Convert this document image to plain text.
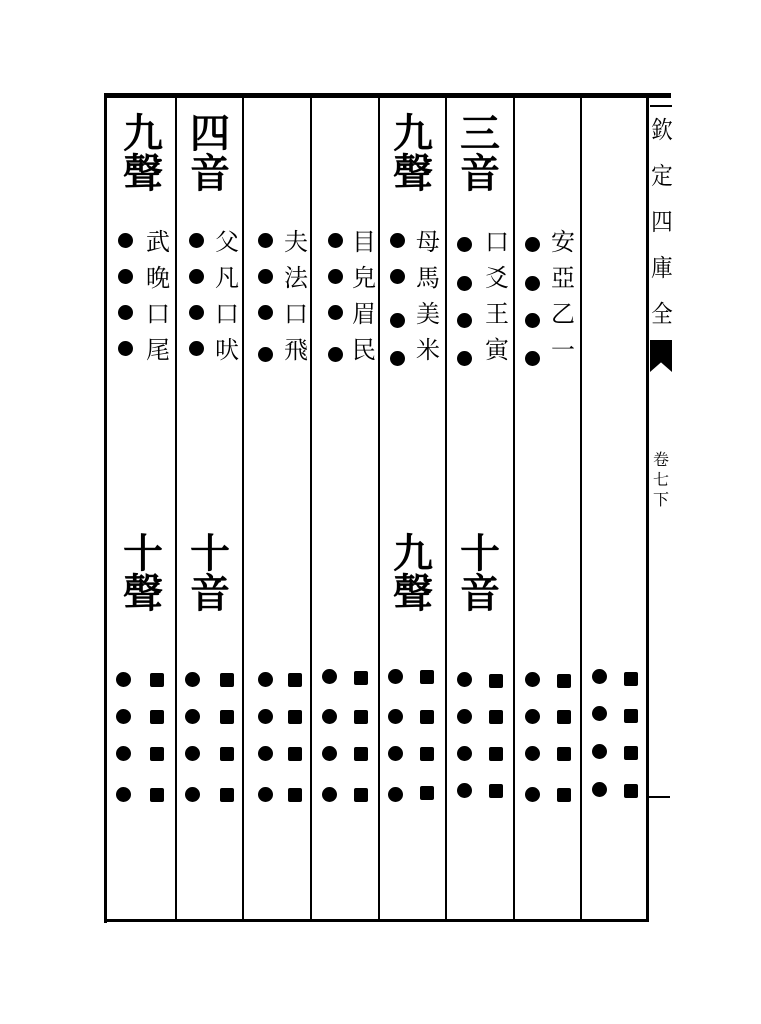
九
聲
武
晚
口
尾
十
聲
四
音
父
凡
口
吠
十
音
夫
法
口
飛
目
皃
眉
民
九
聲
母
馬
美
米
九
聲
三
音
口
爻
王
寅
十
音
安
亞
乙
一
欽
定
四
庫
全
卷
七
下
